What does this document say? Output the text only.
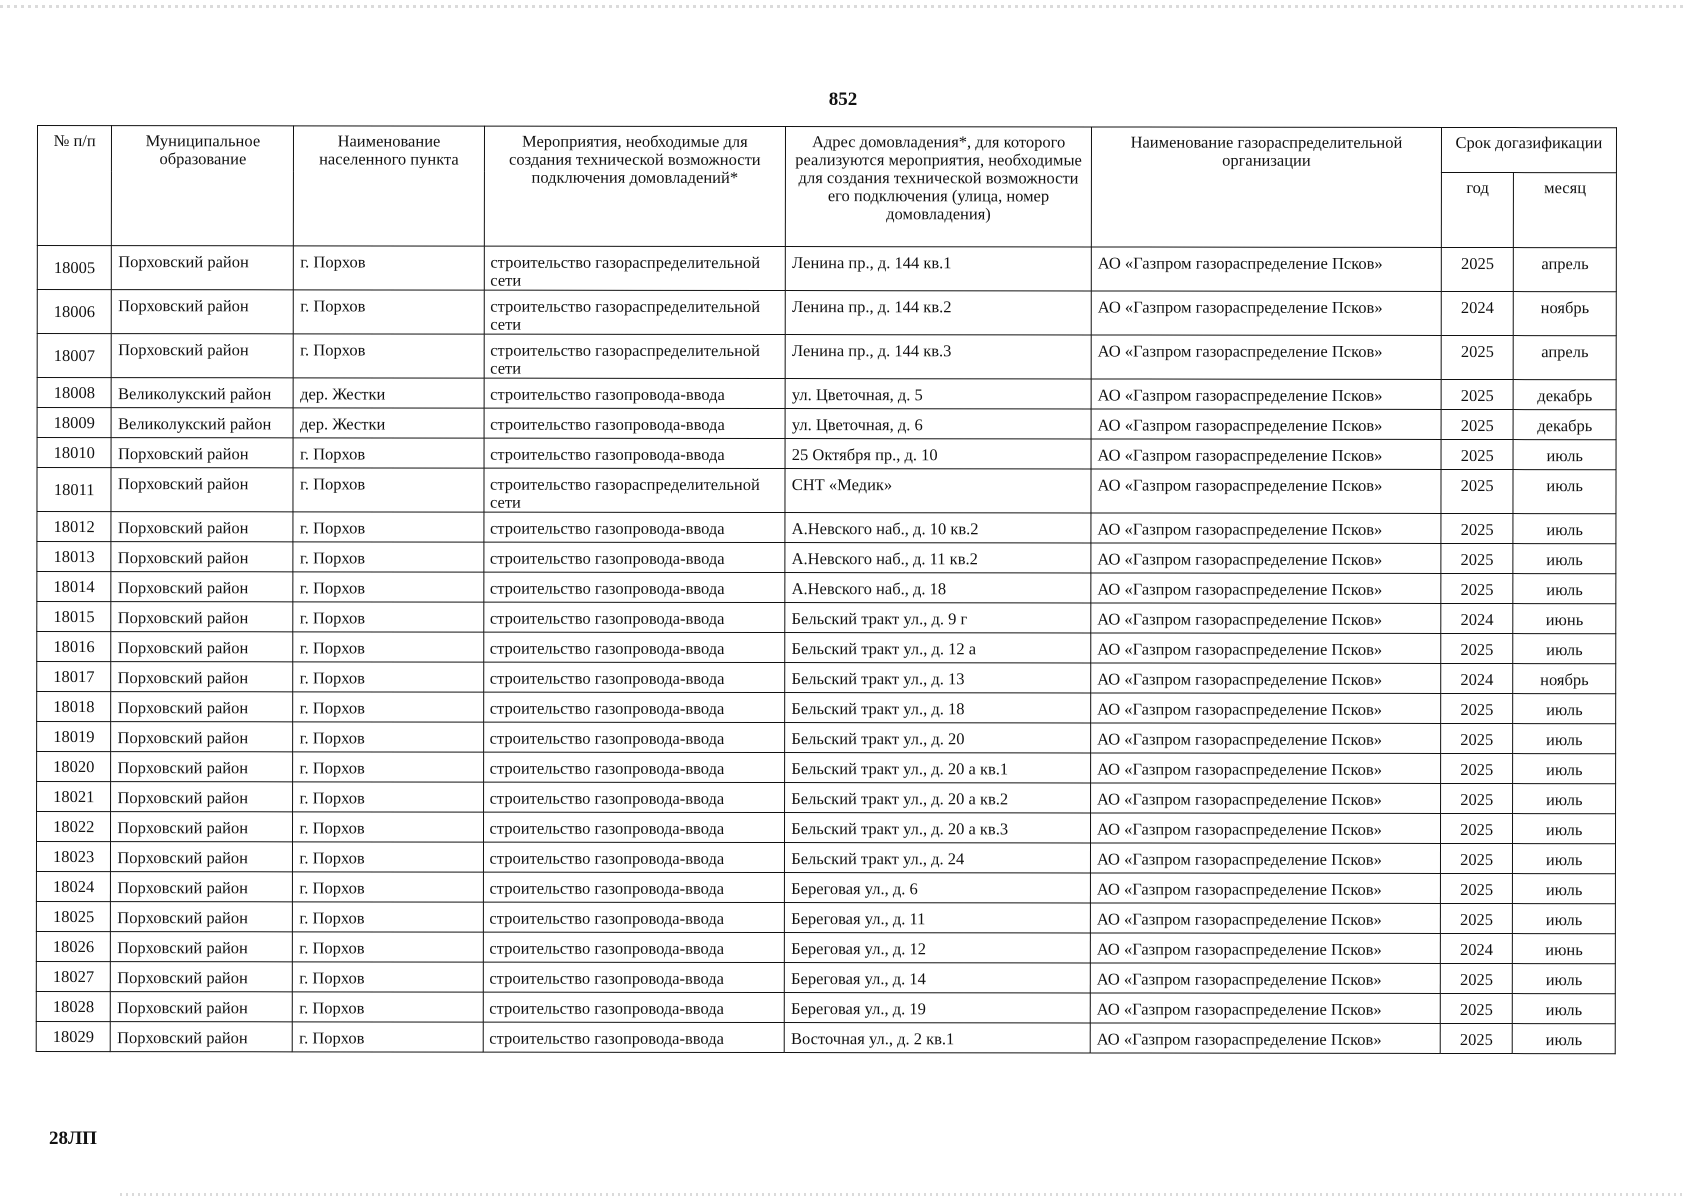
852
№ п/п	Муниципальное образование	Наименование населенного пункта	Мероприятия, необходимые для создания технической возможности подключения домовладений*	Адрес домовладения*, для которого реализуются мероприятия, необходимые для создания технической возможности его подключения (улица, номер домовладения)	Наименование газораспределительной организации	Срок догазификации	
						год	месяц
18005	Порховский район	г. Порхов	строительство газораспределительной сети	Ленина пр., д. 144 кв.1	АО «Газпром газораспределение Псков»	2025	апрель
18006	Порховский район	г. Порхов	строительство газораспределительной сети	Ленина пр., д. 144 кв.2	АО «Газпром газораспределение Псков»	2024	ноябрь
18007	Порховский район	г. Порхов	строительство газораспределительной сети	Ленина пр., д. 144 кв.3	АО «Газпром газораспределение Псков»	2025	апрель
18008	Великолукский район	дер. Жестки	строительство газопровода-ввода	ул. Цветочная, д. 5	АО «Газпром газораспределение Псков»	2025	декабрь
18009	Великолукский район	дер. Жестки	строительство газопровода-ввода	ул. Цветочная, д. 6	АО «Газпром газораспределение Псков»	2025	декабрь
18010	Порховский район	г. Порхов	строительство газопровода-ввода	25 Октября пр., д. 10	АО «Газпром газораспределение Псков»	2025	июль
18011	Порховский район	г. Порхов	строительство газораспределительной сети	СНТ «Медик»	АО «Газпром газораспределение Псков»	2025	июль
18012	Порховский район	г. Порхов	строительство газопровода-ввода	А.Невского наб., д. 10 кв.2	АО «Газпром газораспределение Псков»	2025	июль
18013	Порховский район	г. Порхов	строительство газопровода-ввода	А.Невского наб., д. 11 кв.2	АО «Газпром газораспределение Псков»	2025	июль
18014	Порховский район	г. Порхов	строительство газопровода-ввода	А.Невского наб., д. 18	АО «Газпром газораспределение Псков»	2025	июль
18015	Порховский район	г. Порхов	строительство газопровода-ввода	Бельский тракт ул., д. 9 г	АО «Газпром газораспределение Псков»	2024	июнь
18016	Порховский район	г. Порхов	строительство газопровода-ввода	Бельский тракт ул., д. 12 а	АО «Газпром газораспределение Псков»	2025	июль
18017	Порховский район	г. Порхов	строительство газопровода-ввода	Бельский тракт ул., д. 13	АО «Газпром газораспределение Псков»	2024	ноябрь
18018	Порховский район	г. Порхов	строительство газопровода-ввода	Бельский тракт ул., д. 18	АО «Газпром газораспределение Псков»	2025	июль
18019	Порховский район	г. Порхов	строительство газопровода-ввода	Бельский тракт ул., д. 20	АО «Газпром газораспределение Псков»	2025	июль
18020	Порховский район	г. Порхов	строительство газопровода-ввода	Бельский тракт ул., д. 20 а кв.1	АО «Газпром газораспределение Псков»	2025	июль
18021	Порховский район	г. Порхов	строительство газопровода-ввода	Бельский тракт ул., д. 20 а кв.2	АО «Газпром газораспределение Псков»	2025	июль
18022	Порховский район	г. Порхов	строительство газопровода-ввода	Бельский тракт ул., д. 20 а кв.3	АО «Газпром газораспределение Псков»	2025	июль
18023	Порховский район	г. Порхов	строительство газопровода-ввода	Бельский тракт ул., д. 24	АО «Газпром газораспределение Псков»	2025	июль
18024	Порховский район	г. Порхов	строительство газопровода-ввода	Береговая ул., д. 6	АО «Газпром газораспределение Псков»	2025	июль
18025	Порховский район	г. Порхов	строительство газопровода-ввода	Береговая ул., д. 11	АО «Газпром газораспределение Псков»	2025	июль
18026	Порховский район	г. Порхов	строительство газопровода-ввода	Береговая ул., д. 12	АО «Газпром газораспределение Псков»	2024	июнь
18027	Порховский район	г. Порхов	строительство газопровода-ввода	Береговая ул., д. 14	АО «Газпром газораспределение Псков»	2025	июль
18028	Порховский район	г. Порхов	строительство газопровода-ввода	Береговая ул., д. 19	АО «Газпром газораспределение Псков»	2025	июль
18029	Порховский район	г. Порхов	строительство газопровода-ввода	Восточная ул., д. 2 кв.1	АО «Газпром газораспределение Псков»	2025	июль
28ЛП
